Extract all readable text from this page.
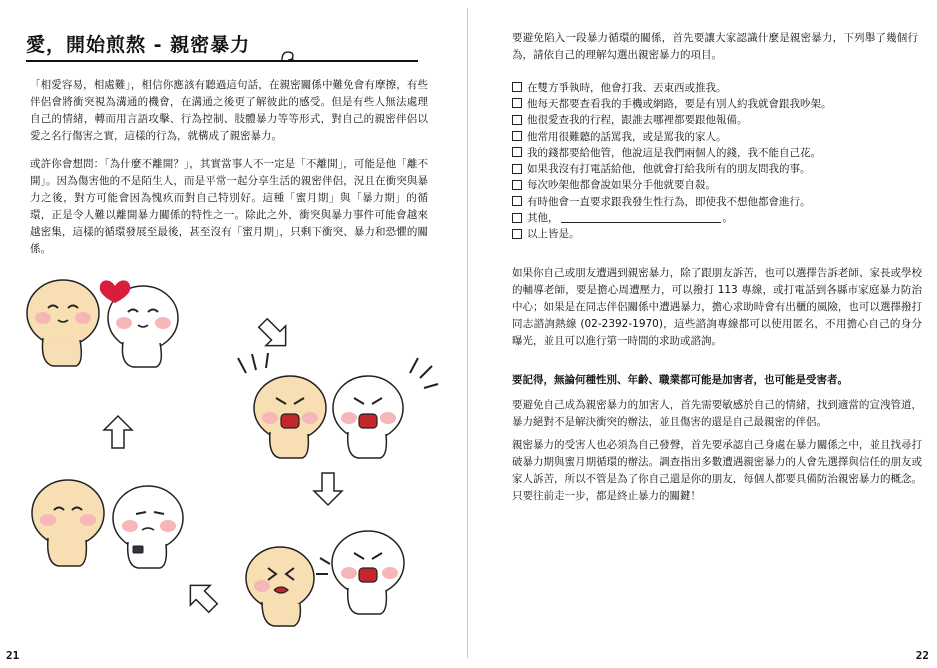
愛，開始煎熬 - 親密暴力

「相愛容易，相處難」，相信你應該有聽過這句話，在親密關係中難免會有摩擦，有些伴侶會將衝突視為溝通的機會，在溝通之後更了解彼此的感受。但是有些人無法處理自己的情緒，轉而用言語攻擊、行為控制、肢體暴力等等形式，對自己的親密伴侶以愛之名行傷害之實，這樣的行為，就構成了親密暴力。

或許你會想問：「為什麼不離開？」，其實當事人不一定是「不離開」，可能是他「離不開」。因為傷害他的不是陌生人，而是平常一起分享生活的親密伴侶，況且在衝突與暴力之後，對方可能會因為愧疚而對自己特別好。這種「蜜月期」與「暴力期」的循環，正是令人難以離開暴力關係的特性之一。除此之外，衝突與暴力事件可能會越來越密集，這樣的循環發展至最後，甚至沒有「蜜月期」，只剩下衝突、暴力和恐懼的關係。

21

要避免陷入一段暴力循環的關係，首先要讓大家認識什麼是親密暴力，下列舉了幾個行為，請依自己的理解勾選出親密暴力的項目。

在雙方爭執時，他會打我、丟東西或推我。
他每天都要查看我的手機或網路，要是有別人約我就會跟我吵架。
他很愛查我的行程，跟誰去哪裡都要跟他報備。
他常用很難聽的話罵我，或是罵我的家人。
我的錢都要給他管，他說這是我們兩個人的錢，我不能自己花。
如果我沒有打電話給他，他就會打給我所有的朋友問我的事。
每次吵架他都會說如果分手他就要自殺。
有時他會一直要求跟我發生性行為，即使我不想他都會進行。
其他，	。
以上皆是。

如果你自己或朋友遭遇到親密暴力，除了跟朋友訴苦，也可以選擇告訴老師、家長或學校的輔導老師，要是擔心周遭壓力，可以撥打 113 專線，或打電話到各縣市家庭暴力防治中心；如果是在同志伴侶關係中遭遇暴力，擔心求助時會有出櫃的風險，也可以選擇撥打同志諮詢熱線 (02-2392-1970)，這些諮詢專線都可以使用匿名，不用擔心自己的身分曝光，並且可以進行第一時間的求助或諮詢。

要記得，無論何種性別、年齡、職業都可能是加害者，也可能是受害者。

要避免自己成為親密暴力的加害人，首先需要敏感於自己的情緒，找到適當的宣洩管道，暴力絕對不是解決衝突的辦法，並且傷害的還是自己最親密的伴侶。

親密暴力的受害人也必須為自己發聲，首先要承認自己身處在暴力關係之中，並且找尋打破暴力期與蜜月期循環的辦法。調查指出多數遭遇親密暴力的人會先選擇與信任的朋友或家人訴苦，所以不管是為了你自己還是你的朋友，每個人都要具備防治親密暴力的概念。只要往前走一步，都是終止暴力的關鍵！

22
